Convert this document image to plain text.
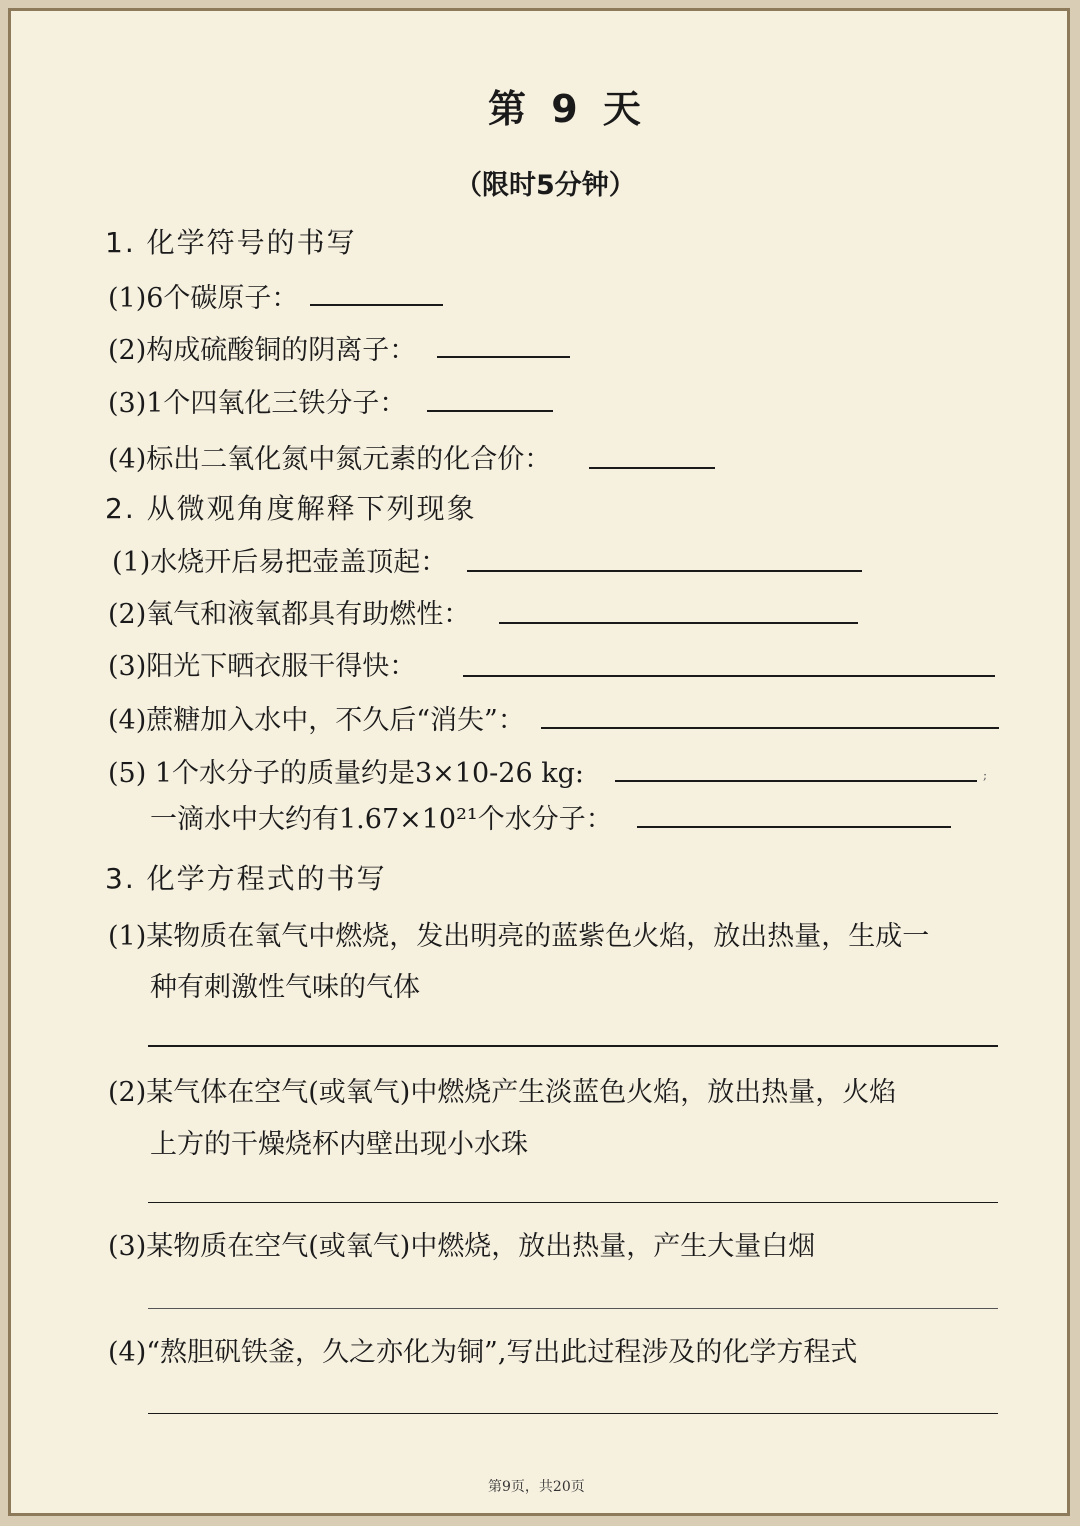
第 9 天
（限时5分钟）
1. 化学符号的书写
(1)6个碳原子：
(2)构成硫酸铜的阴离子：
(3)1个四氧化三铁分子：
(4)标出二氧化氮中氮元素的化合价：
2. 从微观角度解释下列现象
(1)水烧开后易把壶盖顶起：
(2)氧气和液氧都具有助燃性：
(3)阳光下晒衣服干得快：
(4)蔗糖加入水中，不久后“消失”：
(5) 1个水分子的质量约是3×10-26 kg:	;
一滴水中大约有1.67×10²¹个水分子：
3. 化学方程式的书写
(1)某物质在氧气中燃烧，发出明亮的蓝紫色火焰，放出热量，生成一
种有刺激性气味的气体
(2)某气体在空气(或氧气)中燃烧产生淡蓝色火焰，放出热量，火焰
上方的干燥烧杯内壁出现小水珠
(3)某物质在空气(或氧气)中燃烧，放出热量，产生大量白烟
(4)“熬胆矾铁釜，久之亦化为铜”,写出此过程涉及的化学方程式
第9页，共20页
